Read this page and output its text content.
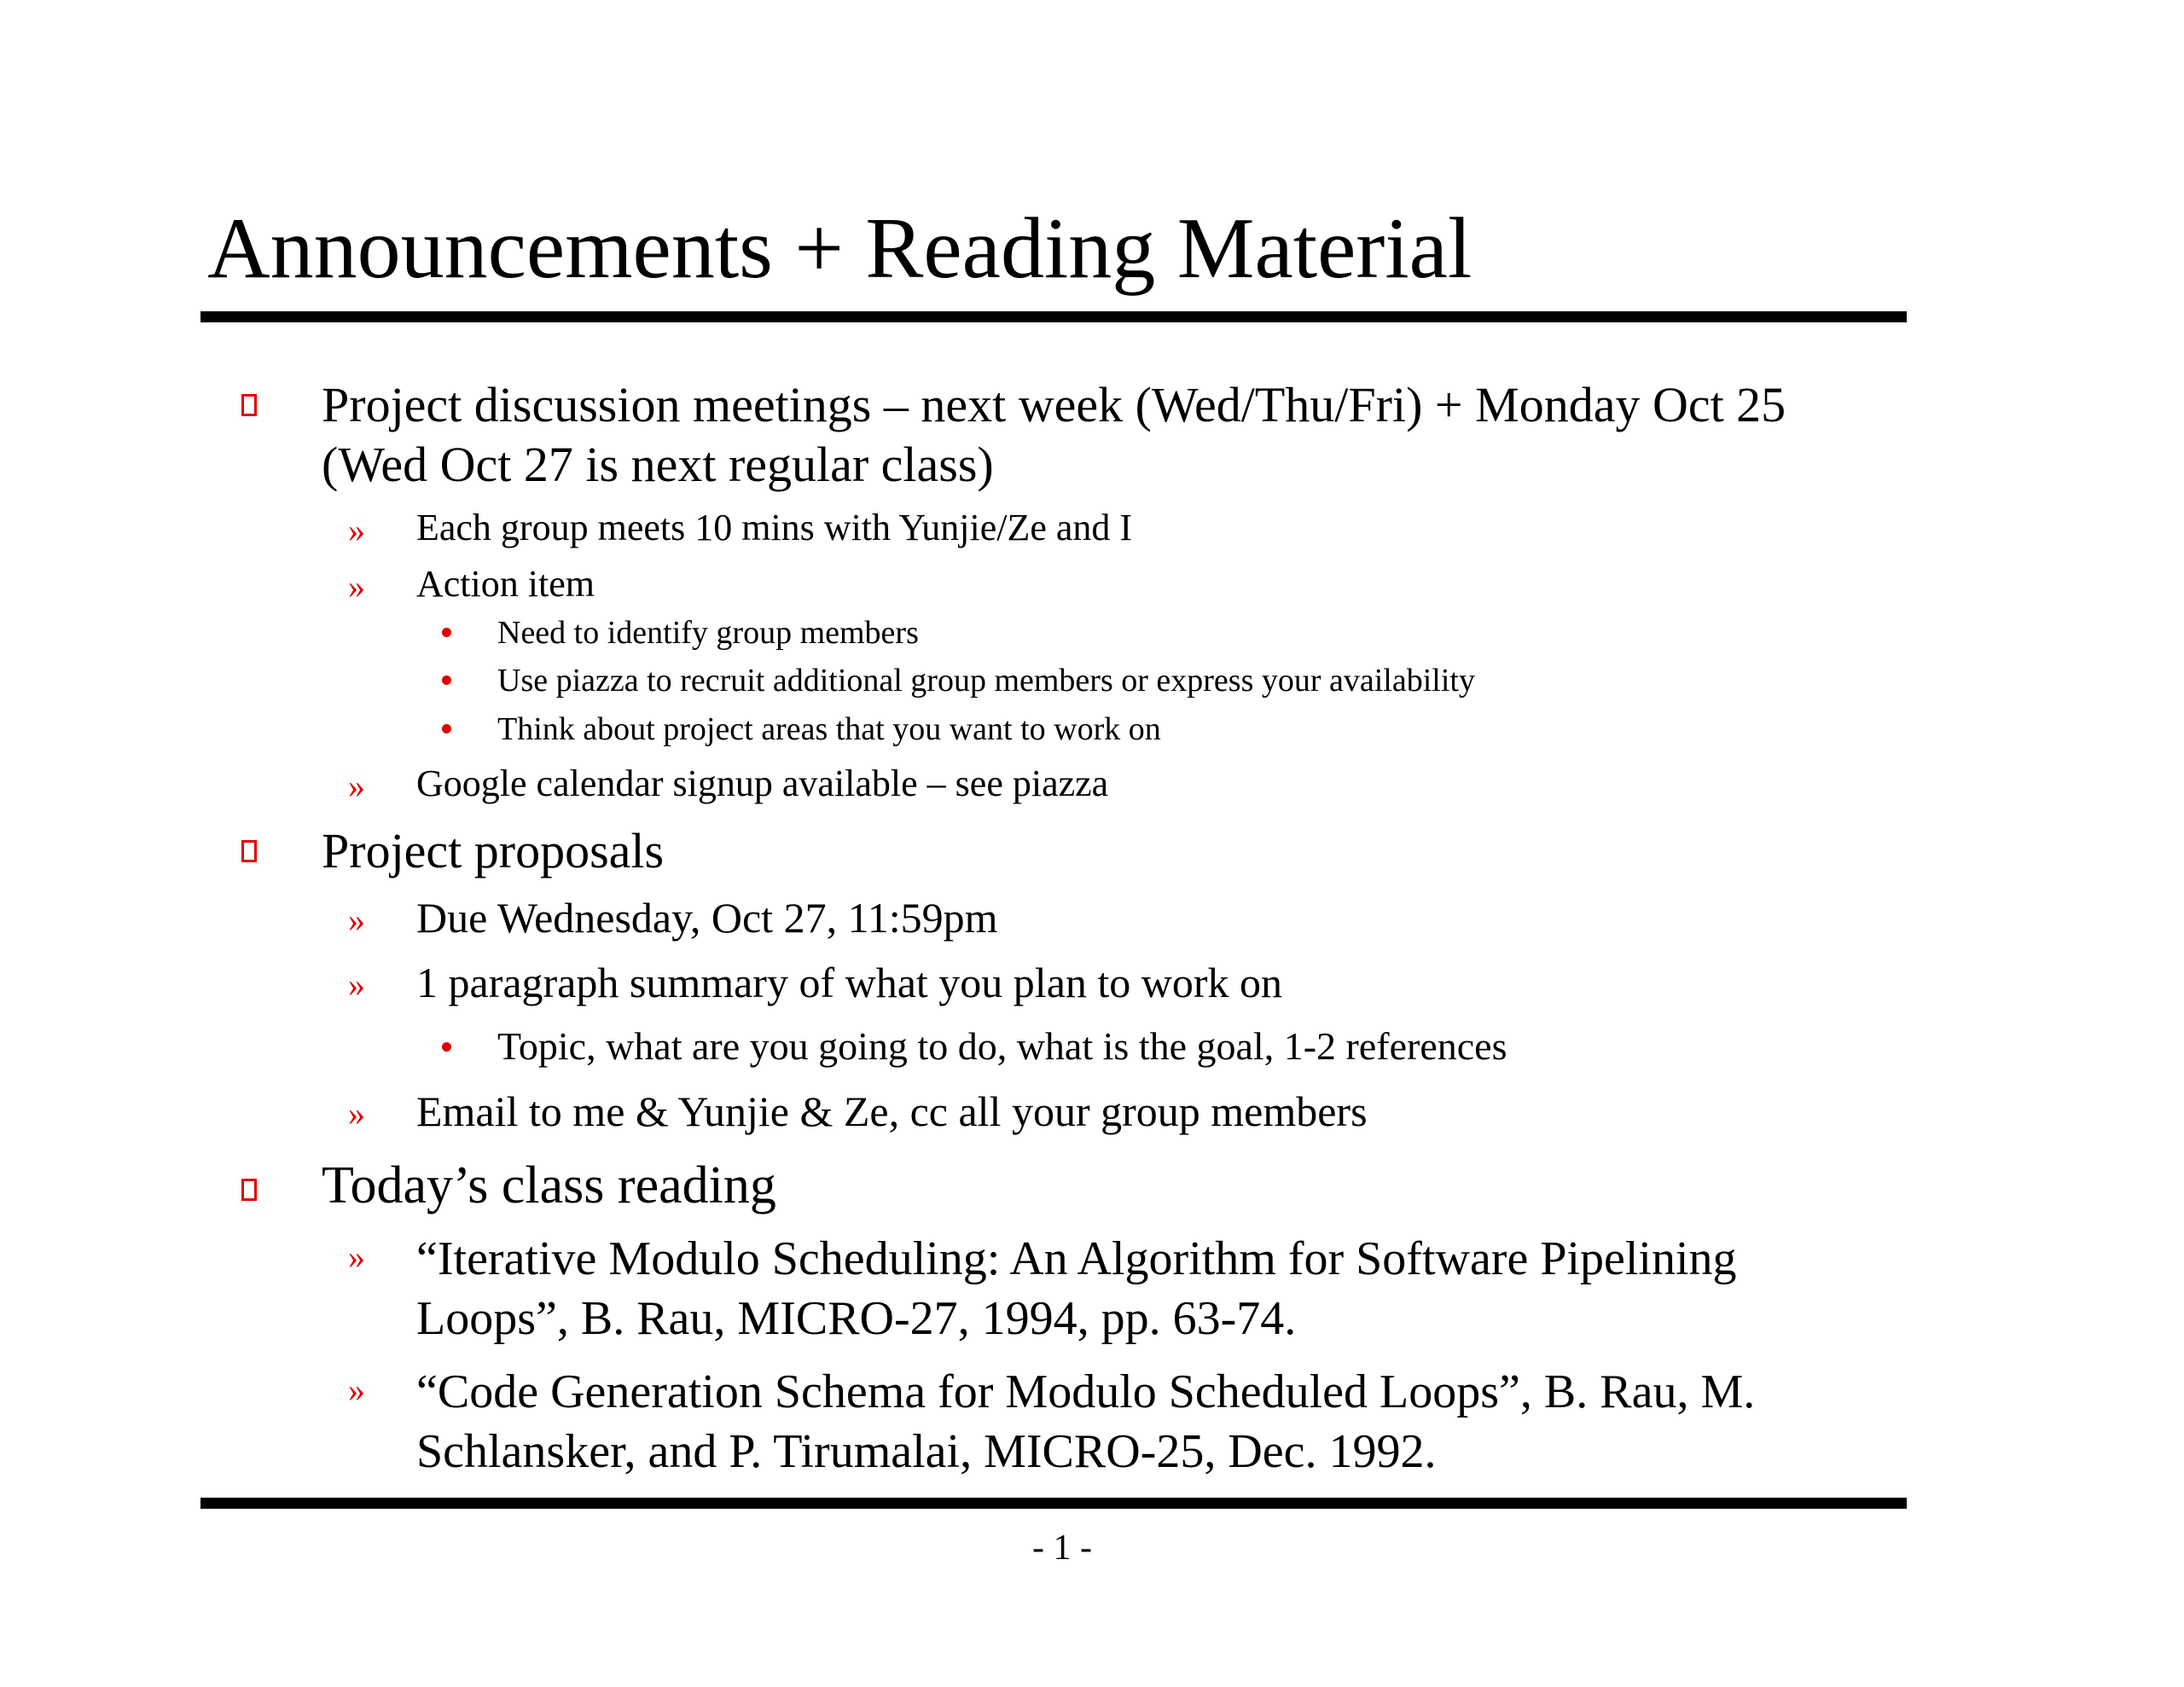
Announcements + Reading Material
Project discussion meetings – next week (Wed/Thu/Fri) + Monday Oct 25
(Wed Oct 27 is next regular class)
» Each group meets 10 mins with Yunjie/Ze and I
» Action item
Need to identify group members
Use piazza to recruit additional group members or express your availability
Think about project areas that you want to work on
» Google calendar signup available – see piazza
Project proposals
» Due Wednesday, Oct 27, 11:59pm
» 1 paragraph summary of what you plan to work on
Topic, what are you going to do, what is the goal, 1-2 references
» Email to me & Yunjie & Ze, cc all your group members
Today’s class reading
» “Iterative Modulo Scheduling: An Algorithm for Software Pipelining
Loops”, B. Rau, MICRO-27, 1994, pp. 63-74.
» “Code Generation Schema for Modulo Scheduled Loops”, B. Rau, M.
Schlansker, and P. Tirumalai, MICRO-25, Dec. 1992.
- 1 -
